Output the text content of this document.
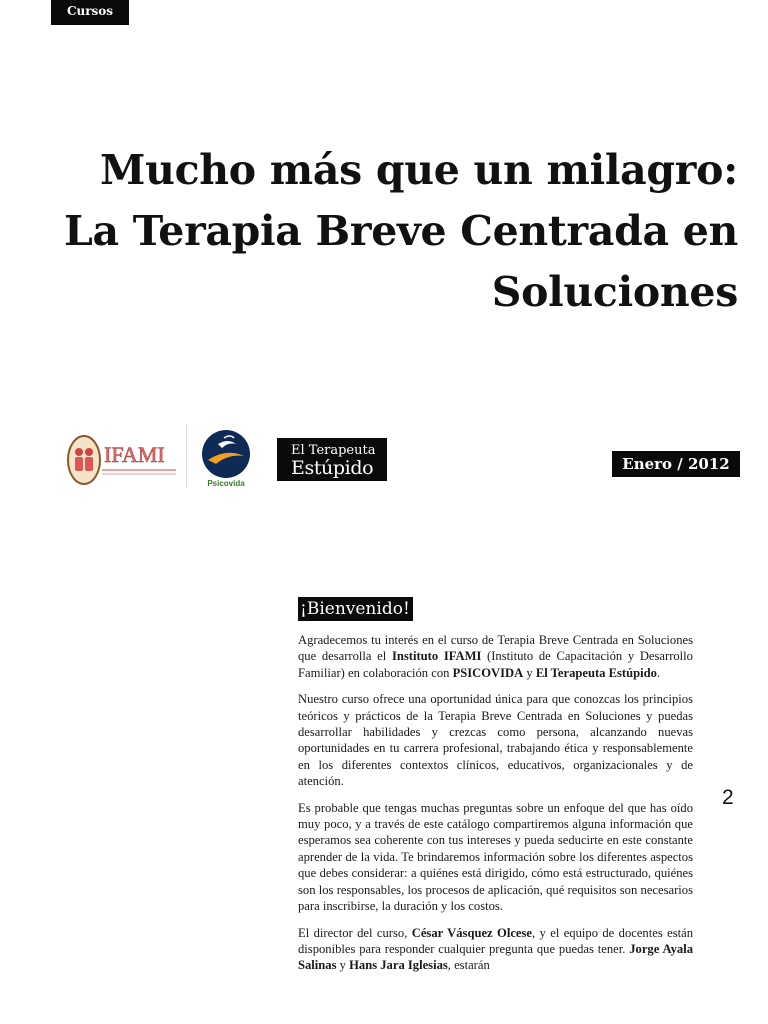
Cursos
Mucho más que un milagro:
La Terapia Breve Centrada en
Soluciones
IFAMI
Psicovida
El Terapeuta
Estúpido	Enero / 2012
¡Bienvenido!

Agradecemos tu interés en el curso de Terapia Breve Centrada en Soluciones que desarrolla el Instituto IFAMI (Instituto de Capacitación y Desarrollo Familiar) en colaboración con PSICOVIDA y El Terapeuta Estúpido.

Nuestro curso ofrece una oportunidad única para que conozcas los principios teóricos y prácticos de la Terapia Breve Centrada en Soluciones y puedas desarrollar habilidades y crezcas como persona, alcanzando nuevas oportunidades en tu carrera profesional, trabajando ética y responsablemente en los diferentes contextos clínicos, educativos, organizacionales y de atención.

Es probable que tengas muchas preguntas sobre un enfoque del que has oído muy poco, y a través de este catálogo compartiremos alguna información que esperamos sea coherente con tus intereses y pueda seducirte en este constante aprender de la vida. Te brindaremos información sobre los diferentes aspectos que debes considerar: a quiénes está dirigido, cómo está estructurado, quiénes son los responsables, los procesos de aplicación, qué requisitos son necesarios para inscribirse, la duración y los costos.

El director del curso, César Vásquez Olcese, y el equipo de docentes están disponibles para responder cualquier pregunta que puedas tener. Jorge Ayala Salinas y Hans Jara Iglesias, estarán

2
